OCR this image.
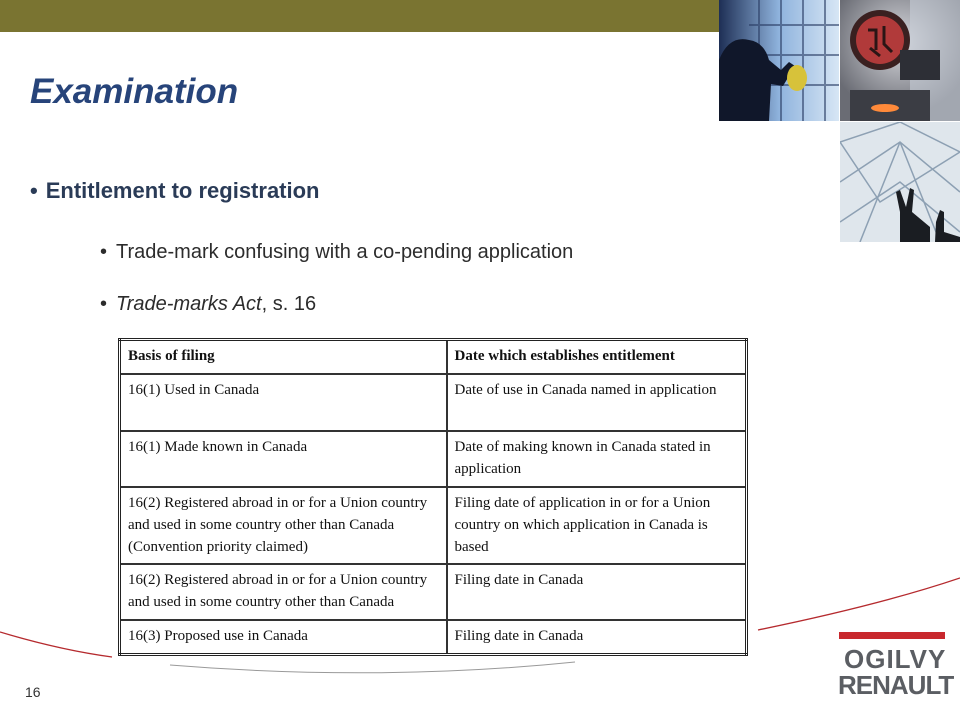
Examination
• Entitlement to registration
• Trade-mark confusing with a co-pending application
• Trade-marks Act, s. 16
Basis of filing	Date which establishes entitlement
16(1) Used in Canada	Date of use in Canada named in application
16(1) Made known in Canada	Date of making known in Canada stated in application
16(2) Registered abroad in or for a Union country and used in some country other than Canada (Convention priority claimed)	Filing date of application in or for a Union country on which application in Canada is based
16(2) Registered abroad in or for a Union country and used in some country other than Canada	Filing date in Canada
16(3) Proposed use in Canada	Filing date in Canada
16
OGILVY
RENAULT
